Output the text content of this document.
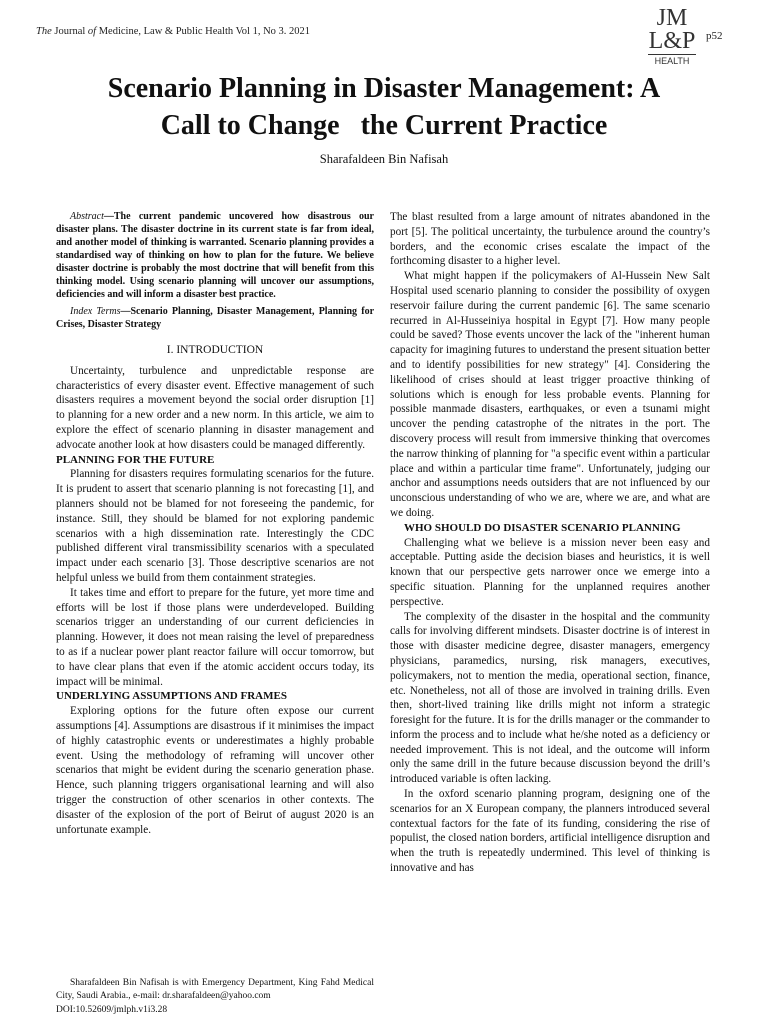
The Journal of Medicine, Law & Public Health Vol 1, No 3. 2021
JM
L&P
HEALTH
p52
Scenario Planning in Disaster Management: A
Call to Change   the Current Practice
Sharafaldeen Bin Nafisah

Abstract—The current pandemic uncovered how disastrous our disaster plans. The disaster doctrine in its current state is far from ideal, and another model of thinking is warranted. Scenario planning provides a standardised way of thinking on how to plan for the future. We believe disaster doctrine is probably the most doctrine that will benefit from this thinking model. Using scenario planning will uncover our assumptions, deficiencies and will inform a disaster best practice.

Index Terms—Scenario Planning, Disaster Management, Planning for Crises, Disaster Strategy

I. INTRODUCTION

Uncertainty, turbulence and unpredictable response are characteristics of every disaster event. Effective management of such disasters requires a movement beyond the social order disruption [1] to planning for a new order and a new norm. In this article, we aim to explore the effect of scenario planning in disaster management and advocate another look at how disasters could be managed differently.

PLANNING FOR THE FUTURE

Planning for disasters requires formulating scenarios for the future. It is prudent to assert that scenario planning is not forecasting [1], and planners should not be blamed for not foreseeing the pandemic, for instance. Still, they should be blamed for not exploring pandemic scenarios with a high dissemination rate. Interestingly the CDC published different viral transmissibility scenarios with a speculated impact under each scenario [3]. Those descriptive scenarios are not helpful unless we build from them containment strategies.

It takes time and effort to prepare for the future, yet more time and efforts will be lost if those plans were underdeveloped. Building scenarios trigger an understanding of our current deficiencies in planning. However, it does not mean raising the level of preparedness to as if a nuclear power plant reactor failure will occur tomorrow, but to have clear plans that even if the atomic accident occurs today, its impact will be minimal.

UNDERLYING ASSUMPTIONS AND FRAMES

Exploring options for the future often expose our current assumptions [4]. Assumptions are disastrous if it minimises the impact of highly catastrophic events or underestimates a highly probable event. Using the methodology of reframing will uncover other scenarios that might be evident during the scenario generation phase. Hence, such planning triggers organisational learning and will also trigger the construction of other scenarios in other contexts. The disaster of the explosion of the port of Beirut of august 2020 is an unfortunate example.

The blast resulted from a large amount of nitrates abandoned in the port [5]. The political uncertainty, the turbulence around the country’s borders, and the economic crises escalate the impact of the forthcoming disaster to a higher level.

What might happen if the policymakers of Al-Hussein New Salt Hospital used scenario planning to consider the possibility of oxygen reservoir failure during the current pandemic [6]. The same scenario recurred in Al-Husseiniya hospital in Egypt [7]. How many people could be saved? Those events uncover the lack of the "inherent human capacity for imagining futures to understand the present situation better and to identify possibilities for new strategy" [4]. Considering the likelihood of crises should at least trigger proactive thinking of solutions which is enough for less probable events. Planning for possible manmade disasters, earthquakes, or even a tsunami might uncover the pending catastrophe of the nitrates in the port. The discovery process will result from immersive thinking that overcomes the narrow thinking of planning for "a specific event within a particular place and within a particular time frame". Unfortunately, judging our anchor and assumptions needs outsiders that are not influenced by our unconscious understanding of who we are, where we are, and what are we doing.

WHO SHOULD DO DISASTER SCENARIO PLANNING

Challenging what we believe is a mission never been easy and acceptable. Putting aside the decision biases and heuristics, it is well known that our perspective gets narrower once we emerge into a specific situation. Planning for the unplanned requires another perspective.

The complexity of the disaster in the hospital and the community calls for involving different mindsets. Disaster doctrine is of interest in those with disaster medicine degree, disaster managers, emergency physicians, paramedics, nursing, risk managers, executives, policymakers, not to mention the media, operational section, finance, etc. Nonetheless, not all of those are involved in training drills. Even then, short-lived training like drills might not inform a strategic foresight for the future. It is for the drills manager or the commander to inform the process and to include what he/she noted as a deficiency or needed improvement. This is not ideal, and the outcome will inform only the same drill in the future because discussion beyond the drill’s introduced variable is often lacking.

In the oxford scenario planning program, designing one of the scenarios for an X European company, the planners introduced several contextual factors for the fate of its funding, considering the rise of populist, the closed nation borders, artificial intelligence disruption and when the truth is repeatedly undermined. This level of thinking is innovative and has

Sharafaldeen Bin Nafisah is with Emergency Department, King Fahd Medical City, Saudi Arabia., e-mail: dr.sharafaldeen@yahoo.com

DOI:10.52609/jmlph.v1i3.28
